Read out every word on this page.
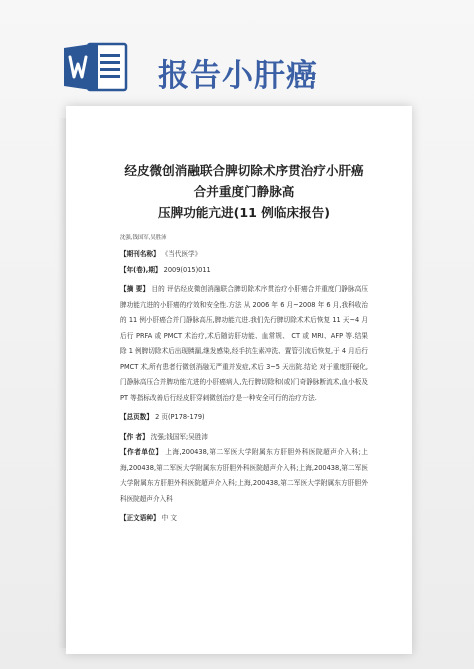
报告小肝癌
经皮微创消融联合脾切除术序贯治疗小肝癌合并重度门静脉高
压脾功能亢进(11 例临床报告)
沈强,钱国军,吴胜沛
【期刊名称】 《当代医学》
【年(卷),期】 2009(015)011
【摘 要】 目的 评估经皮微创消融联合脾切除术序贯治疗小肝癌合并重度门静脉高压脾功能亢进的小肝癌的疗效和安全性.方法 从 2006 年 6 月~2008 年 6 月,我科收治的 11 例小肝癌合并门静脉高压,脾功能亢进.我们先行脾切除术术后恢复 11 天~4 月后行 PRFA 或 PMCT 术治疗,术后随访肝功能、血常规、 CT 或 MRI、AFP 等.结果 除 1 例脾切除术后出现胰漏,继发感染,经手抗生素冲洗、置管引流后恢复,于 4 月后行 PMCT 术,所有患者行微创消融无严重并发症,术后 3~5 天出院.结论 对于重度肝硬化,门静脉高压合并脾功能亢进的小肝癌病人,先行脾切除和(或)门奇静脉断流术,血小板及 PT 等指标改善后行经皮肝穿刺微创治疗是一种安全可行的治疗方法.
【总页数】 2 页(P178-179)
【作 者】 沈强;钱国军;吴胜沛
【作者单位】 上海,200438,第二军医大学附属东方肝胆外科医院超声介入科;上海,200438,第二军医大学附属东方肝胆外科医院超声介入科;上海,200438,第二军医大学附属东方肝胆外科医院超声介入科;上海,200438,第二军医大学附属东方肝胆外科医院超声介入科
【正文语种】 中 文
